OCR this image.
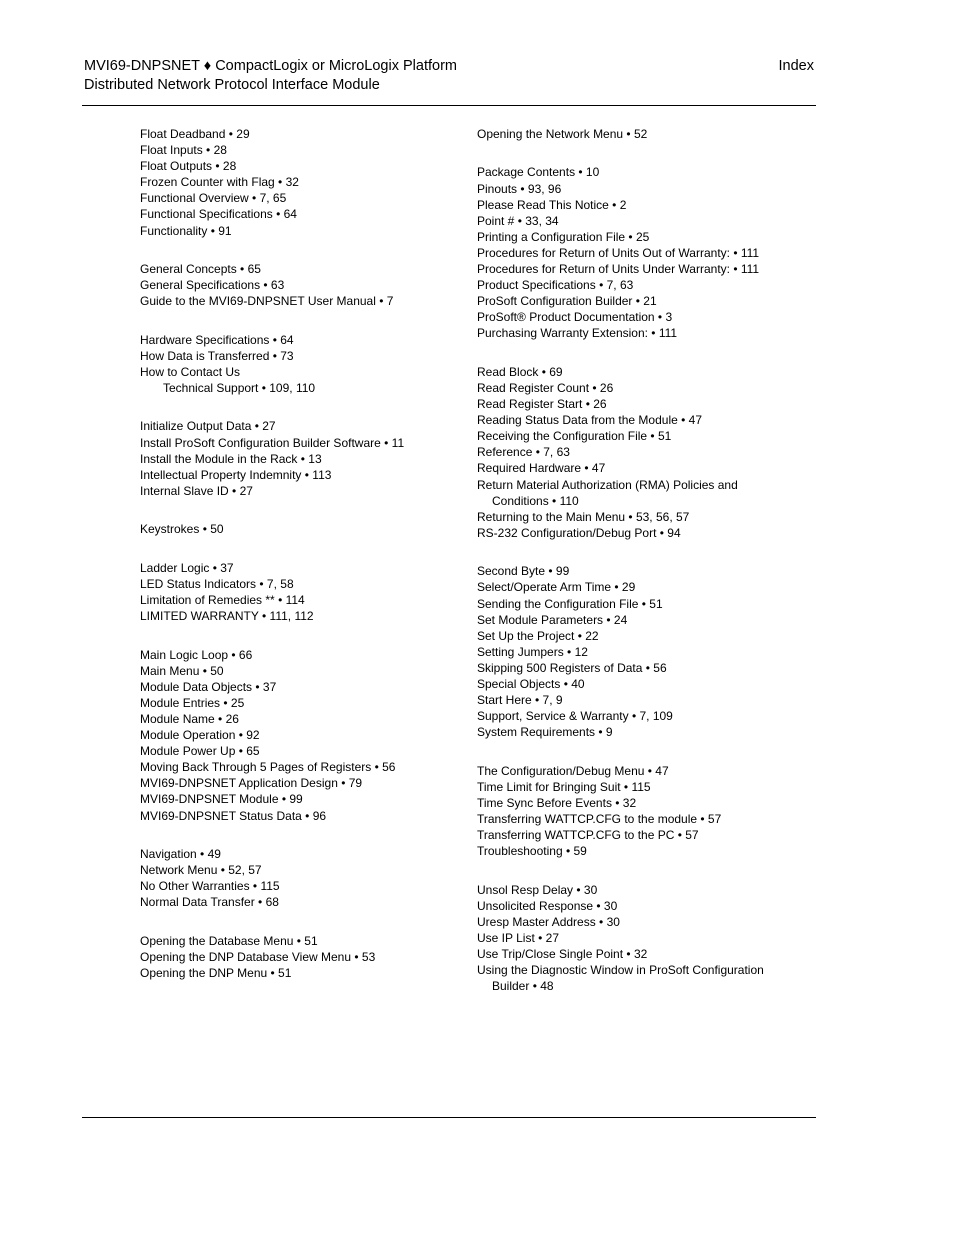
MVI69-DNPSNET ♦ CompactLogix or MicroLogix Platform
Distributed Network Protocol Interface Module
Index
Float Deadband • 29
Float Inputs • 28
Float Outputs • 28
Frozen Counter with Flag • 32
Functional Overview • 7, 65
Functional Specifications • 64
Functionality • 91
General Concepts • 65
General Specifications • 63
Guide to the MVI69-DNPSNET User Manual • 7
Hardware Specifications • 64
How Data is Transferred • 73
How to Contact Us
Technical Support • 109, 110
Initialize Output Data • 27
Install ProSoft Configuration Builder Software • 11
Install the Module in the Rack • 13
Intellectual Property Indemnity • 113
Internal Slave ID • 27
Keystrokes • 50
Ladder Logic • 37
LED Status Indicators • 7, 58
Limitation of Remedies ** • 114
LIMITED WARRANTY • 111, 112
Main Logic Loop • 66
Main Menu • 50
Module Data Objects • 37
Module Entries • 25
Module Name • 26
Module Operation • 92
Module Power Up • 65
Moving Back Through 5 Pages of Registers • 56
MVI69-DNPSNET Application Design • 79
MVI69-DNPSNET Module • 99
MVI69-DNPSNET Status Data • 96
Navigation • 49
Network Menu • 52, 57
No Other Warranties • 115
Normal Data Transfer • 68
Opening the Database Menu • 51
Opening the DNP Database View Menu • 53
Opening the DNP Menu • 51
Opening the Network Menu • 52
Package Contents • 10
Pinouts • 93, 96
Please Read This Notice • 2
Point # • 33, 34
Printing a Configuration File • 25
Procedures for Return of Units Out of Warranty: • 111
Procedures for Return of Units Under Warranty: • 111
Product Specifications • 7, 63
ProSoft Configuration Builder • 21
ProSoft® Product Documentation • 3
Purchasing Warranty Extension: • 111
Read Block • 69
Read Register Count • 26
Read Register Start • 26
Reading Status Data from the Module • 47
Receiving the Configuration File • 51
Reference • 7, 63
Required Hardware • 47
Return Material Authorization (RMA) Policies and
Conditions • 110
Returning to the Main Menu • 53, 56, 57
RS-232 Configuration/Debug Port • 94
Second Byte • 99
Select/Operate Arm Time • 29
Sending the Configuration File • 51
Set Module Parameters • 24
Set Up the Project • 22
Setting Jumpers • 12
Skipping 500 Registers of Data • 56
Special Objects • 40
Start Here • 7, 9
Support, Service & Warranty • 7, 109
System Requirements • 9
The Configuration/Debug Menu • 47
Time Limit for Bringing Suit • 115
Time Sync Before Events • 32
Transferring WATTCP.CFG to the module • 57
Transferring WATTCP.CFG to the PC • 57
Troubleshooting • 59
Unsol Resp Delay • 30
Unsolicited Response • 30
Uresp Master Address • 30
Use IP List • 27
Use Trip/Close Single Point • 32
Using the Diagnostic Window in ProSoft Configuration
Builder • 48
